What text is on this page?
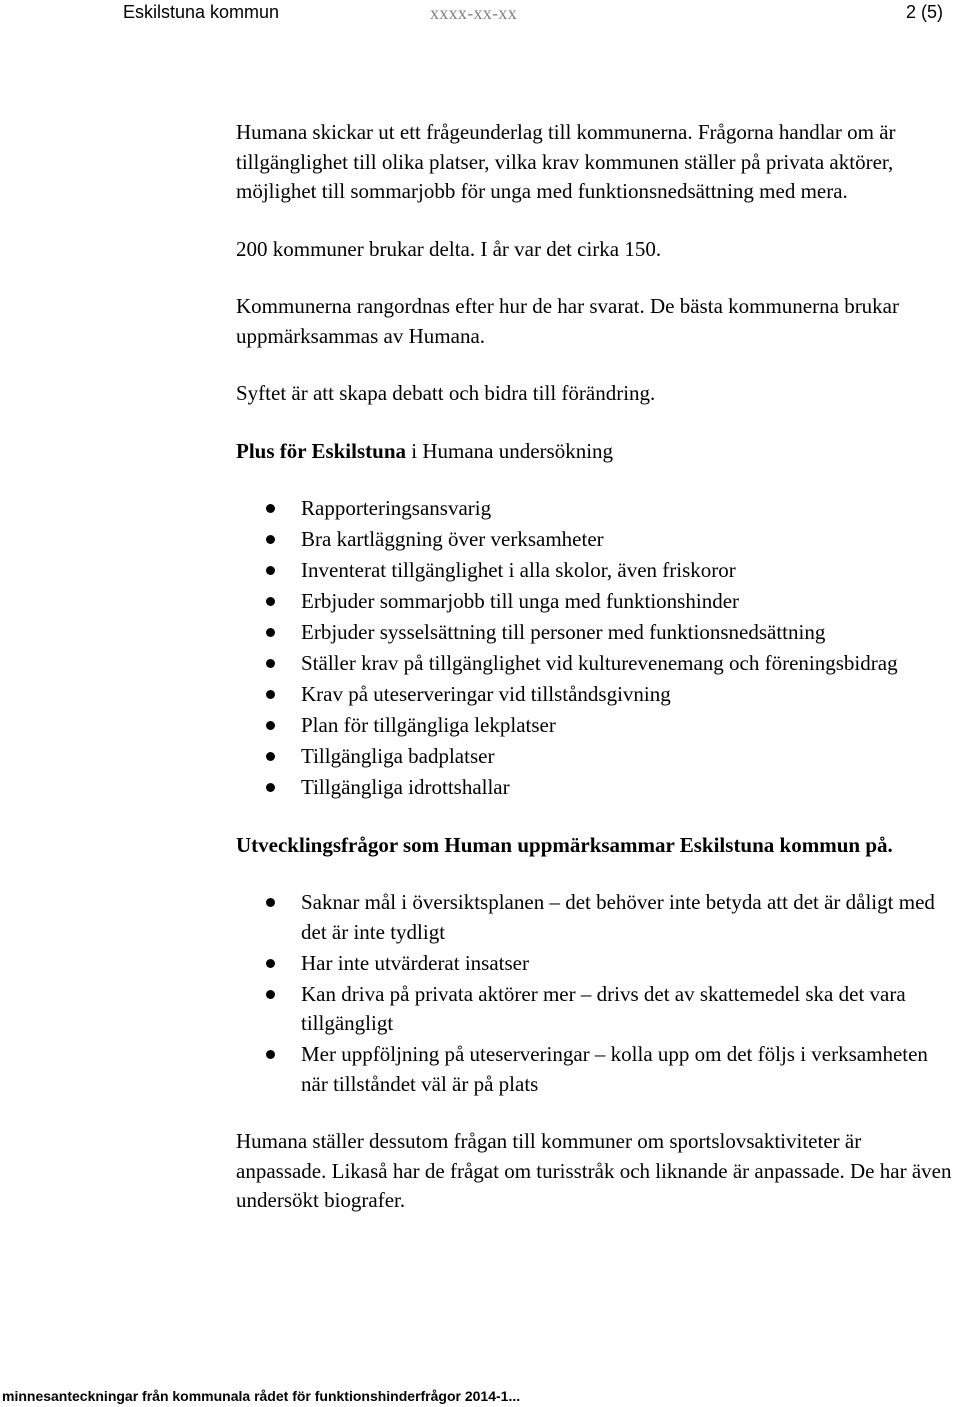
Eskilstuna kommun	xxxx-xx-xx	2 (5)

Humana skickar ut ett frågeunderlag till kommunerna. Frågorna handlar om är tillgänglighet till olika platser, vilka krav kommunen ställer på privata aktörer, möjlighet till sommarjobb för unga med funktionsnedsättning med mera.

200 kommuner brukar delta. I år var det cirka 150.

Kommunerna rangordnas efter hur de har svarat. De bästa kommunerna brukar uppmärksammas av Humana.

Syftet är att skapa debatt och bidra till förändring.

Plus för Eskilstuna i Humana undersökning

Rapporteringsansvarig
Bra kartläggning över verksamheter
Inventerat tillgänglighet i alla skolor, även friskoror
Erbjuder sommarjobb till unga med funktionshinder
Erbjuder sysselsättning till personer med funktionsnedsättning
Ställer krav på tillgänglighet vid kulturevenemang och föreningsbidrag
Krav på uteserveringar vid tillståndsgivning
Plan för tillgängliga lekplatser
Tillgängliga badplatser
Tillgängliga idrottshallar

Utvecklingsfrågor som Human uppmärksammar Eskilstuna kommun på.

Saknar mål i översiktsplanen – det behöver inte betyda att det är dåligt med det är inte tydligt
Har inte utvärderat insatser
Kan driva på privata aktörer mer – drivs det av skattemedel ska det vara tillgängligt
Mer uppföljning på uteserveringar – kolla upp om det följs i verksamheten när tillståndet väl är på plats

Humana ställer dessutom frågan till kommuner om sportslovsaktiviteter är anpassade. Likaså har de frågat om turisstråk och liknande är anpassade. De har även undersökt biografer.

minnesanteckningar från kommunala rådet för funktionshinderfrågor 2014-1...
